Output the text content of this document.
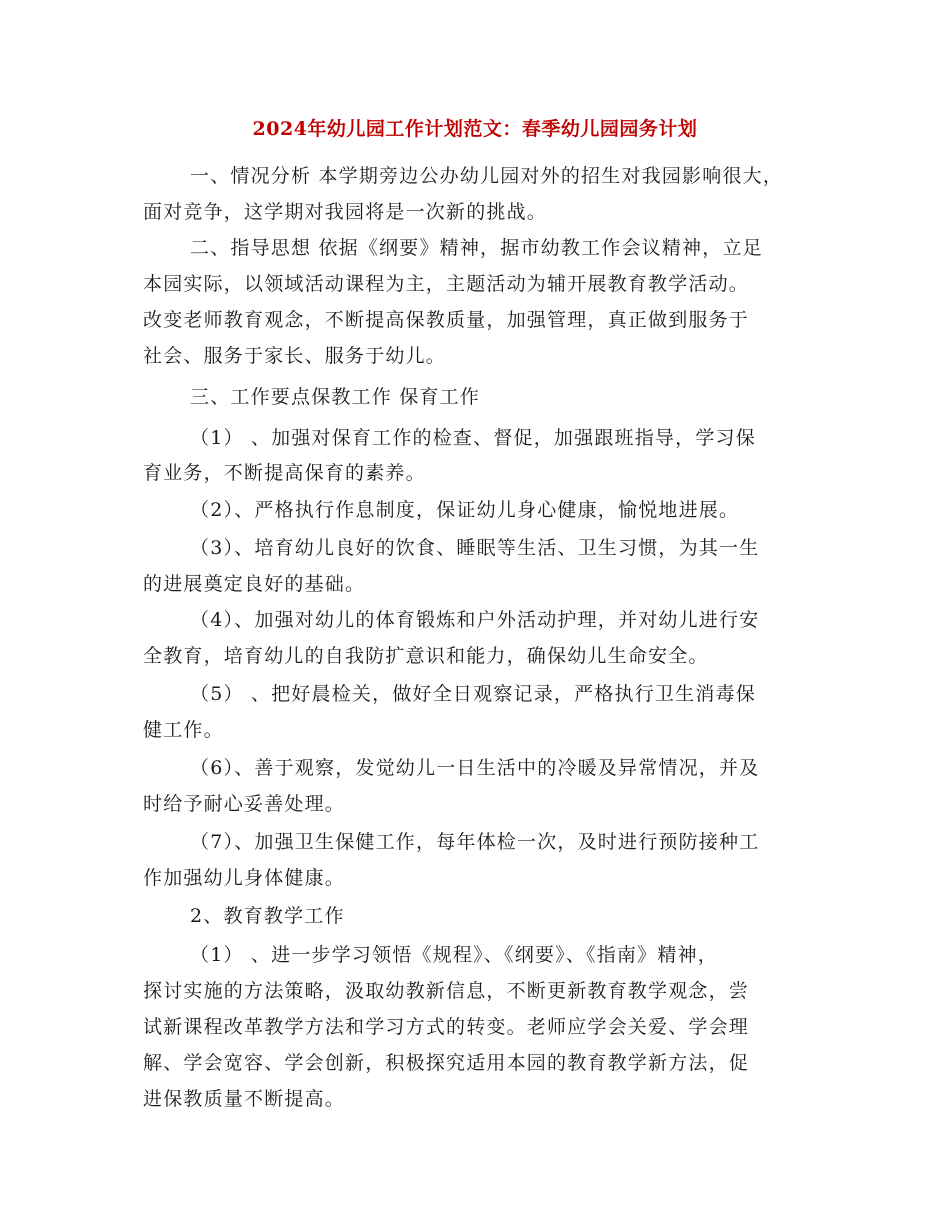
2024年幼儿园工作计划范文：春季幼儿园园务计划
一、情况分析 本学期旁边公办幼儿园对外的招生对我园影响很大，
面对竞争，这学期对我园将是一次新的挑战。
二、指导思想 依据《纲要》精神，据市幼教工作会议精神，立足
本园实际，以领域活动课程为主，主题活动为辅开展教育教学活动。
改变老师教育观念，不断提高保教质量，加强管理，真正做到服务于
社会、服务于家长、服务于幼儿。
三、工作要点保教工作 保育工作
（1） 、加强对保育工作的检查、督促，加强跟班指导，学习保
育业务，不断提高保育的素养。
（2）、严格执行作息制度，保证幼儿身心健康，愉悦地进展。
（3）、培育幼儿良好的饮食、睡眠等生活、卫生习惯，为其一生
的进展奠定良好的基础。
（4）、加强对幼儿的体育锻炼和户外活动护理，并对幼儿进行安
全教育，培育幼儿的自我防扩意识和能力，确保幼儿生命安全。
（5） 、把好晨检关，做好全日观察记录，严格执行卫生消毒保
健工作。
（6）、善于观察，发觉幼儿一日生活中的冷暖及异常情况，并及
时给予耐心妥善处理。
（7）、加强卫生保健工作，每年体检一次，及时进行预防接种工
作加强幼儿身体健康。
2、教育教学工作
（1） 、进一步学习领悟《规程》、《纲要》、《指南》精神，
探讨实施的方法策略，汲取幼教新信息，不断更新教育教学观念，尝
试新课程改革教学方法和学习方式的转变。老师应学会关爱、学会理
解、学会宽容、学会创新，积极探究适用本园的教育教学新方法，促
进保教质量不断提高。
